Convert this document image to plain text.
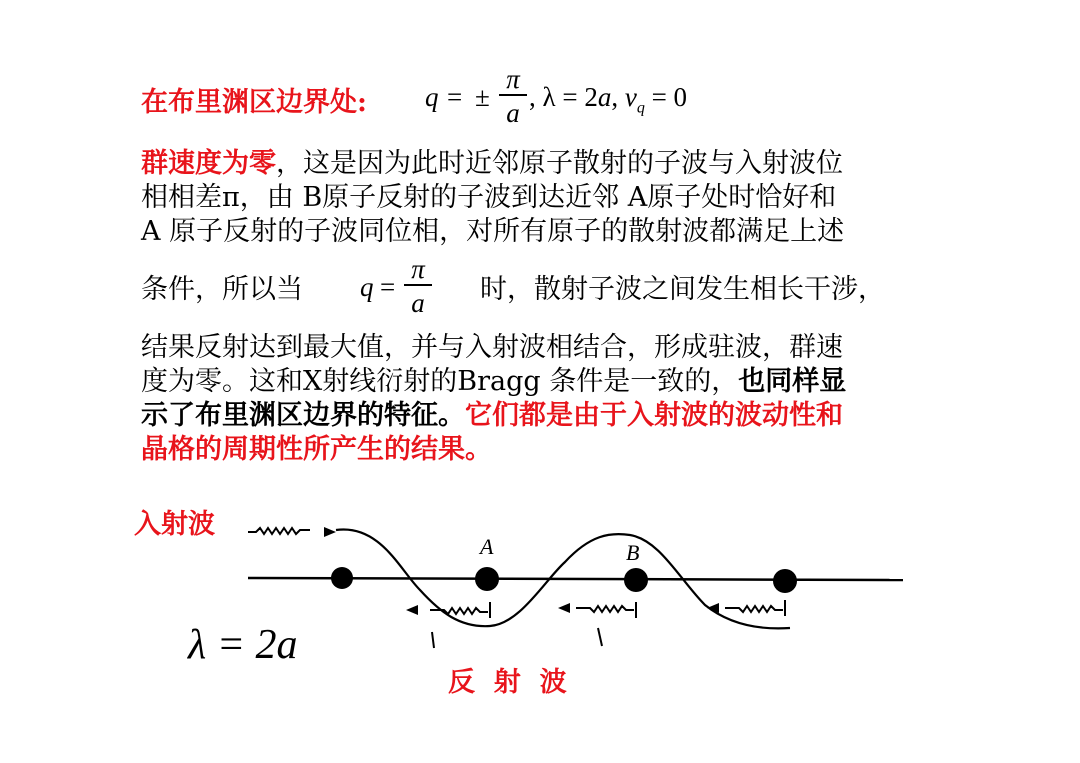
在布里渊区边界处: q = ±
π
a
, λ = 2a, $v_q = 0$
群速度为零，这是因为此时近邻原子散射的子波与入射波位
相相差π，由 B原子反射的子波到达近邻 A原子处时恰好和
A 原子反射的子波同位相，对所有原子的散射波都满足上述
条件，所以当 q =
π
a 时，散射子波之间发生相长干涉，
结果反射达到最大值，并与入射波相结合，形成驻波，群速
度为零。这和X射线衍射的Bragg 条件是一致的，也同样显
示了布里渊区边界的特征。它们都是由于入射波的波动性和
晶格的周期性所产生的结果。
入射波
反  射  波
A	B
λ = 2a
